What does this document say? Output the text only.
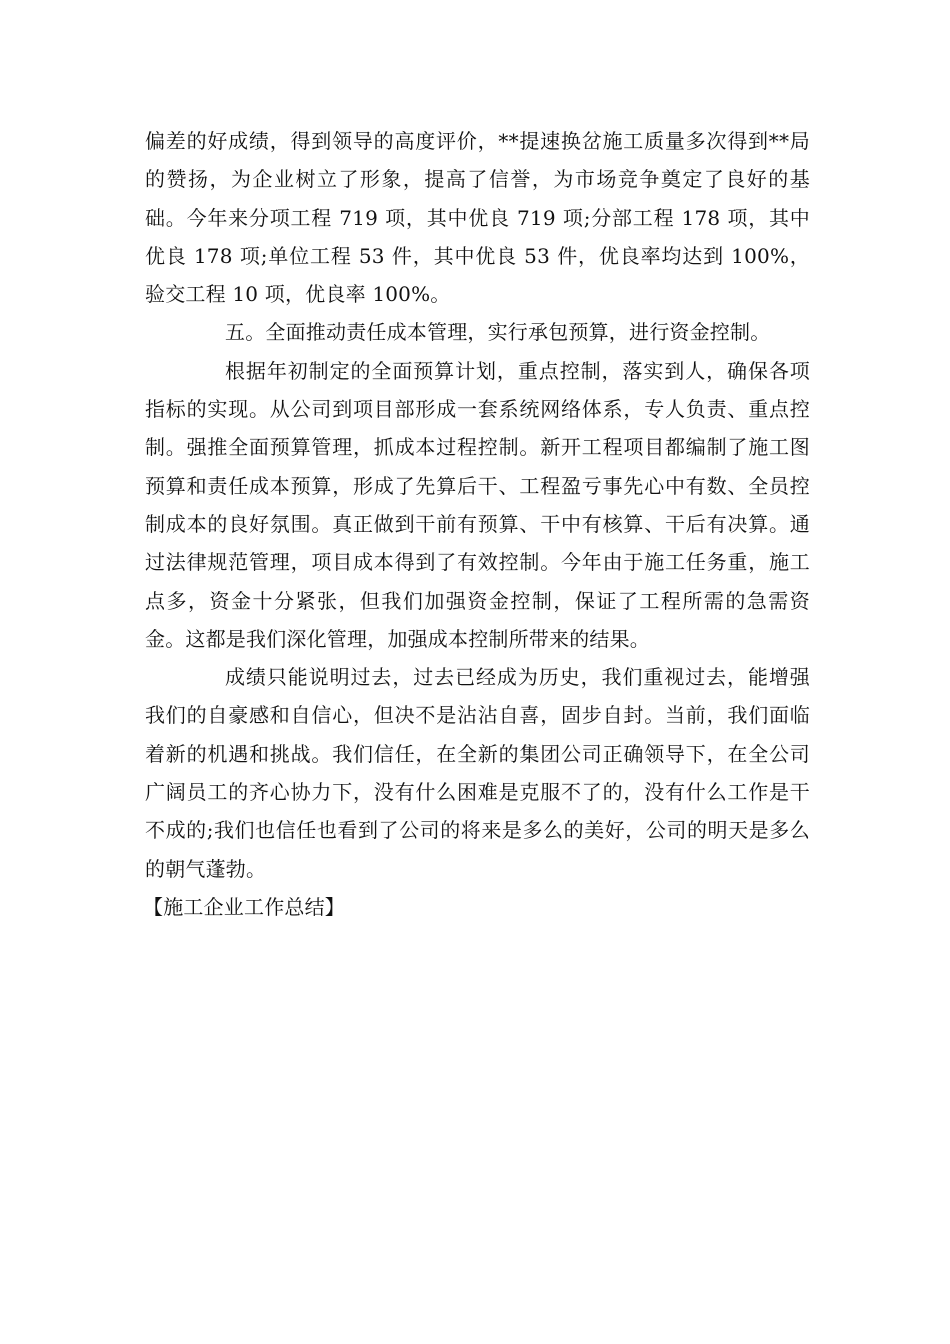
偏差的好成绩，得到领导的高度评价，**提速换岔施工质量多次得到**局的赞扬，为企业树立了形象，提高了信誉，为市场竞争奠定了良好的基础。今年来分项工程 719 项，其中优良 719 项;分部工程 178 项，其中优良 178 项;单位工程 53 件，其中优良 53 件，优良率均达到 100%，验交工程 10 项，优良率 100%。

五。全面推动责任成本管理，实行承包预算，进行资金控制。

根据年初制定的全面预算计划，重点控制，落实到人，确保各项指标的实现。从公司到项目部形成一套系统网络体系，专人负责、重点控制。强推全面预算管理，抓成本过程控制。新开工程项目都编制了施工图预算和责任成本预算，形成了先算后干、工程盈亏事先心中有数、全员控制成本的良好氛围。真正做到干前有预算、干中有核算、干后有决算。通过法律规范管理，项目成本得到了有效控制。今年由于施工任务重，施工点多，资金十分紧张，但我们加强资金控制，保证了工程所需的急需资金。这都是我们深化管理，加强成本控制所带来的结果。

成绩只能说明过去，过去已经成为历史，我们重视过去，能增强我们的自豪感和自信心，但决不是沾沾自喜，固步自封。当前，我们面临着新的机遇和挑战。我们信任，在全新的集团公司正确领导下，在全公司广阔员工的齐心协力下，没有什么困难是克服不了的，没有什么工作是干不成的;我们也信任也看到了公司的将来是多么的美好，公司的明天是多么的朝气蓬勃。

【施工企业工作总结】
